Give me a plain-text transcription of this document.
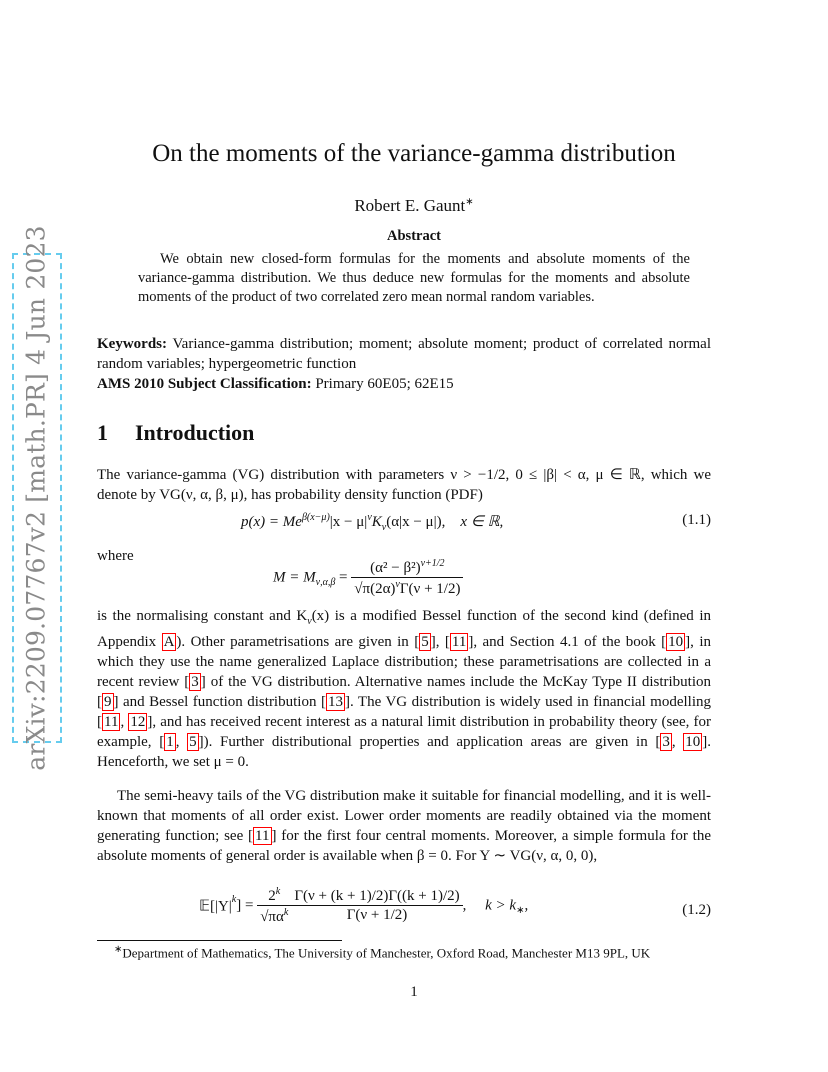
arXiv:2209.07767v2 [math.PR] 4 Jun 2023
On the moments of the variance-gamma distribution
Robert E. Gaunt∗
Abstract

We obtain new closed-form formulas for the moments and absolute moments of the variance-gamma distribution. We thus deduce new formulas for the moments and absolute moments of the product of two correlated zero mean normal random variables.

Keywords: Variance-gamma distribution; moment; absolute moment; product of correlated normal random variables; hypergeometric function

AMS 2010 Subject Classification: Primary 60E05; 62E15

1 Introduction

The variance-gamma (VG) distribution with parameters ν > −1/2, 0 ≤ |β| < α, μ ∈ ℝ, which we denote by VG(ν, α, β, μ), has probability density function (PDF)

$p(x) = Me^{\beta(x-\mu)}|x - \mu|^\nu K_\nu(\alpha|x - \mu|)$, x ∈ ℝ,	(1.1)

where

$M = M_{\nu,\alpha,\beta} = \frac{(\alpha^2 - \beta^2)^{\nu+1/2}}{√\pi(2\alpha)^\nu\Gamma(\nu + 1/2)}$

is the normalising constant and $K_\nu(x)$ is a modified Bessel function of the second kind (defined in Appendix A ). Other parametrisations are given in [ 5 ], [ 11 ], and Section 4.1 of the book [ 10 ], in which they use the name generalized Laplace distribution; these parametrisations are collected in a recent review [ 3 ] of the VG distribution. Alternative names include the McKay Type II distribution [ 9 ] and Bessel function distribution [ 13 ]. The VG distribution is widely used in financial modelling [ 11 , 12 ], and has received recent interest as a natural limit distribution in probability theory (see, for example, [ 1 , 5 ]). Further distributional properties and application areas are given in [ 3 , 10 ]. Henceforth, we set μ = 0.

The semi-heavy tails of the VG distribution make it suitable for financial modelling, and it is well-known that moments of all order exist. Lower order moments are readily obtained via the moment generating function; see [ 11 ] for the first four central moments. Moreover, a simple formula for the absolute moments of general order is available when β = 0. For Y ∼ VG(ν, α, 0, 0),

$𝔼[|Y|^k] = \frac{2^k}{√\pi\alpha^k} \frac{\Gamma(\nu + (k + 1)/2)\Gamma((k + 1)/2)}{\Gamma(\nu + 1/2)}$ , $k > k_∗$,	(1.2)
∗Department of Mathematics, The University of Manchester, Oxford Road, Manchester M13 9PL, UK
1
